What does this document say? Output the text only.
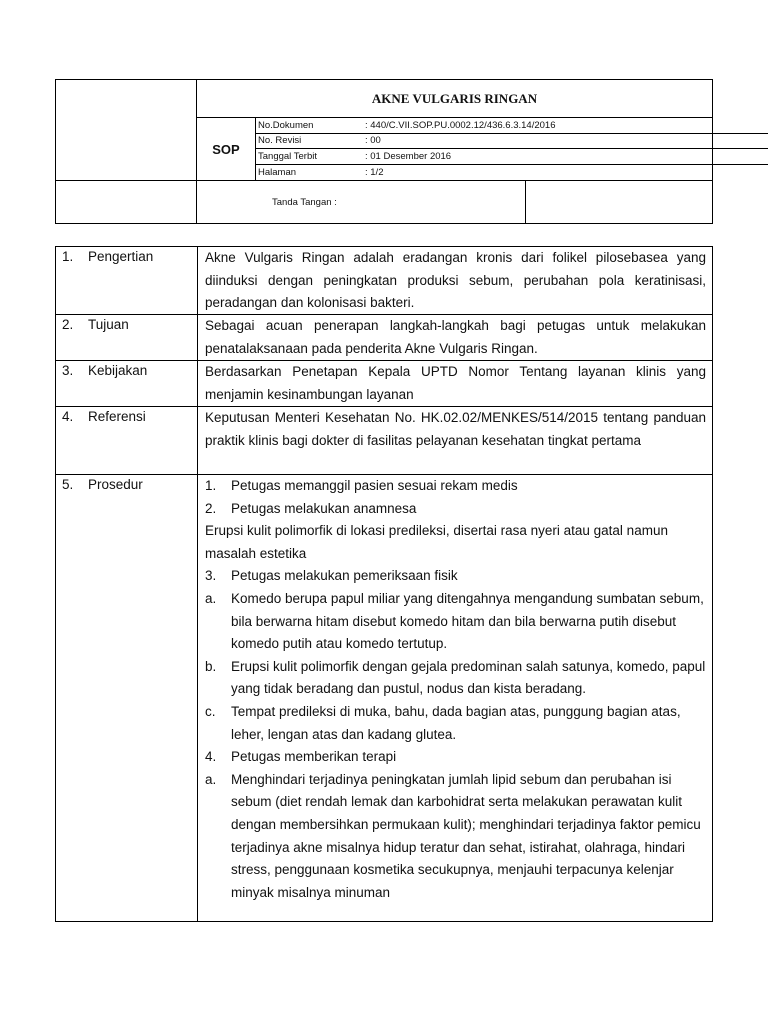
AKNE VULGARIS RINGAN
SOP
No.Dokumen	: 440/C.VII.SOP.PU.0002.12/436.6.3.14/2016
No. Revisi	: 00
Tanggal Terbit	: 01 Desember 2016
Halaman	: 1/2
Tanda Tangan :
1. Pengertian	Akne Vulgaris Ringan adalah eradangan kronis dari folikel pilosebasea yang diinduksi dengan peningkatan produksi sebum, perubahan pola keratinisasi, peradangan dan kolonisasi bakteri.
2. Tujuan	Sebagai acuan penerapan langkah-langkah bagi petugas untuk melakukan penatalaksanaan pada penderita Akne Vulgaris Ringan.
3. Kebijakan	Berdasarkan Penetapan Kepala UPTD Nomor Tentang layanan klinis yang menjamin kesinambungan layanan
4. Referensi	Keputusan Menteri Kesehatan No. HK.02.02/MENKES/514/2015 tentang panduan praktik klinis bagi dokter di fasilitas pelayanan kesehatan tingkat pertama
5. Prosedur	1.	Petugas memanggil pasien sesuai rekam medis
2.	Petugas melakukan anamnesa

Erupsi kulit polimorfik di lokasi predileksi, disertai rasa nyeri atau gatal namun masalah estetika

3.	Petugas melakukan pemeriksaan fisik
a.	Komedo berupa papul miliar yang ditengahnya mengandung sumbatan sebum, bila berwarna hitam disebut komedo hitam dan bila berwarna putih disebut komedo putih atau komedo tertutup.
b.	Erupsi kulit polimorfik dengan gejala predominan salah satunya, komedo, papul yang tidak beradang dan pustul, nodus dan kista beradang.
c.	Tempat predileksi di muka, bahu, dada bagian atas, punggung bagian atas, leher, lengan atas dan kadang glutea.
4.	Petugas memberikan terapi
a.	Menghindari terjadinya peningkatan jumlah lipid sebum dan perubahan isi sebum (diet rendah lemak dan karbohidrat serta melakukan perawatan kulit dengan membersihkan permukaan kulit); menghindari terjadinya faktor pemicu terjadinya akne misalnya hidup teratur dan sehat, istirahat, olahraga, hindari stress, penggunaan kosmetika secukupnya, menjauhi terpacunya kelenjar minyak misalnya minuman
